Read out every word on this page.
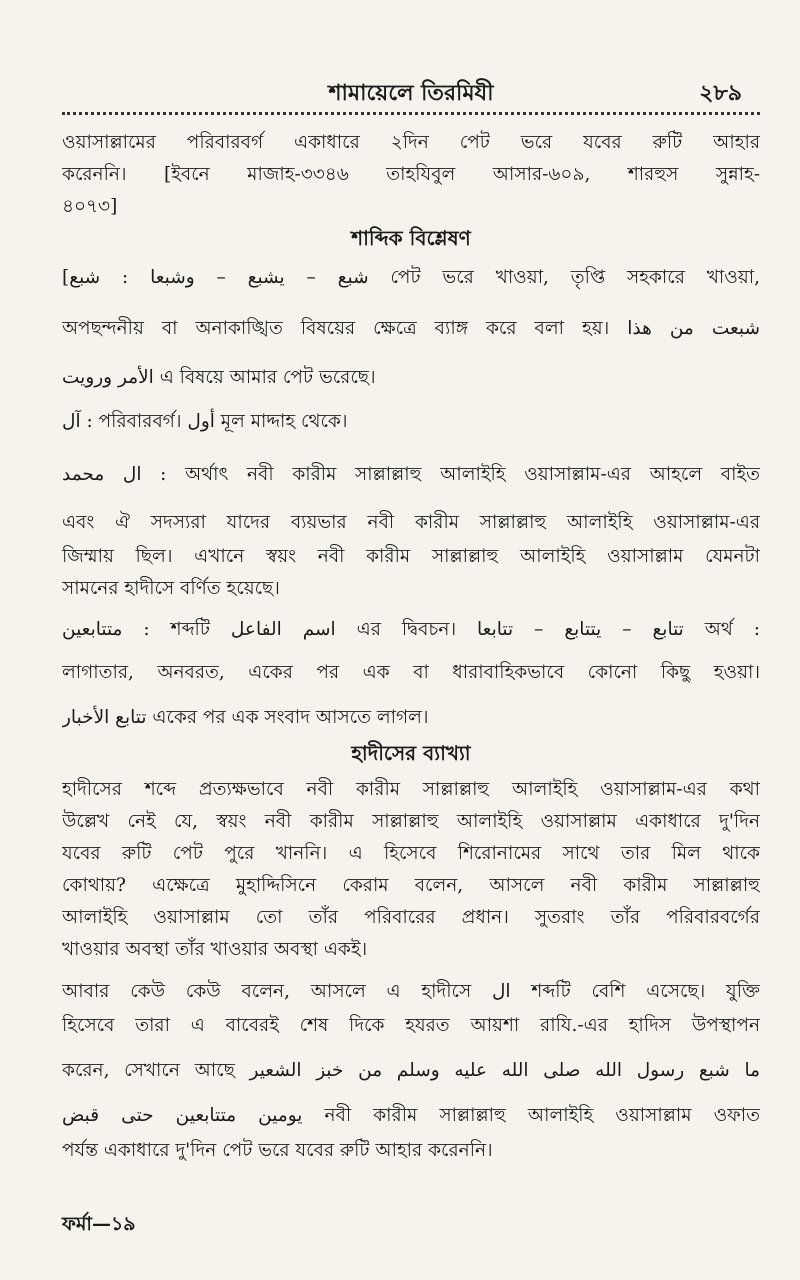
শামায়েলে তিরমিযী	২৮৯
ওয়াসাল্লামের পরিবারবর্গ একাধারে ২দিন পেট ভরে যবের রুটি আহার
করেননি। [ইবনে মাজাহ-৩৩৪৬ তাহযিবুল আসার-৬০৯, শারহুস সুন্নাহ-
৪০৭৩]
শাব্দিক বিশ্লেষণ
[شبع – يشبع – وشبعا : شبع পেট ভরে খাওয়া, তৃপ্তি সহকারে খাওয়া,
অপছন্দনীয় বা অনাকাঙ্খিত বিষয়ের ক্ষেত্রে ব্যাঙ্গ করে বলা হয়। شبعت من هذا
الأمر ورويت এ বিষয়ে আমার পেট ভরেছে।
آل : পরিবারবর্গ। أول মূল মাদ্দাহ থেকে।
ال محمد : অর্থাৎ নবী কারীম সাল্লাল্লাহু আলাইহি ওয়াসাল্লাম-এর আহলে বাইত
এবং ঐ সদস্যরা যাদের ব্যয়ভার নবী কারীম সাল্লাল্লাহু আলাইহি ওয়াসাল্লাম-এর
জিম্মায় ছিল। এখানে স্বয়ং নবী কারীম সাল্লাল্লাহু আলাইহি ওয়াসাল্লাম যেমনটা
সামনের হাদীসে বর্ণিত হয়েছে।
متتابعين : শব্দটি اسم الفاعل এর দ্বিবচন। تتابع – يتتابع – تتابعا অর্থ :
লাগাতার, অনবরত, একের পর এক বা ধারাবাহিকভাবে কোনো কিছু হওয়া।
تتابع الأخبار একের পর এক সংবাদ আসতে লাগল।
হাদীসের ব্যাখ্যা
হাদীসের শব্দে প্রত্যক্ষভাবে নবী কারীম সাল্লাল্লাহু আলাইহি ওয়াসাল্লাম-এর কথা
উল্লেখ নেই যে, স্বয়ং নবী কারীম সাল্লাল্লাহু আলাইহি ওয়াসাল্লাম একাধারে দু'দিন
যবের রুটি পেট পুরে খাননি। এ হিসেবে শিরোনামের সাথে তার মিল থাকে
কোথায়? এক্ষেত্রে মুহাদ্দিসিনে কেরাম বলেন, আসলে নবী কারীম সাল্লাল্লাহু
আলাইহি ওয়াসাল্লাম তো তাঁর পরিবারের প্রধান। সুতরাং তাঁর পরিবারবর্গের
খাওয়ার অবস্থা তাঁর খাওয়ার অবস্থা একই।
আবার কেউ কেউ বলেন, আসলে এ হাদীসে ال শব্দটি বেশি এসেছে। যুক্তি
হিসেবে তারা এ বাবেরই শেষ দিকে হযরত আয়শা রাযি.-এর হাদিস উপস্থাপন
করেন, সেখানে আছে ما شبع رسول الله صلى الله عليه وسلم من خبز الشعير
يومين متتابعين حتى قبض নবী কারীম সাল্লাল্লাহু আলাইহি ওয়াসাল্লাম ওফাত
পর্যন্ত একাধারে দু'দিন পেট ভরে যবের রুটি আহার করেননি।
ফর্মা—১৯
